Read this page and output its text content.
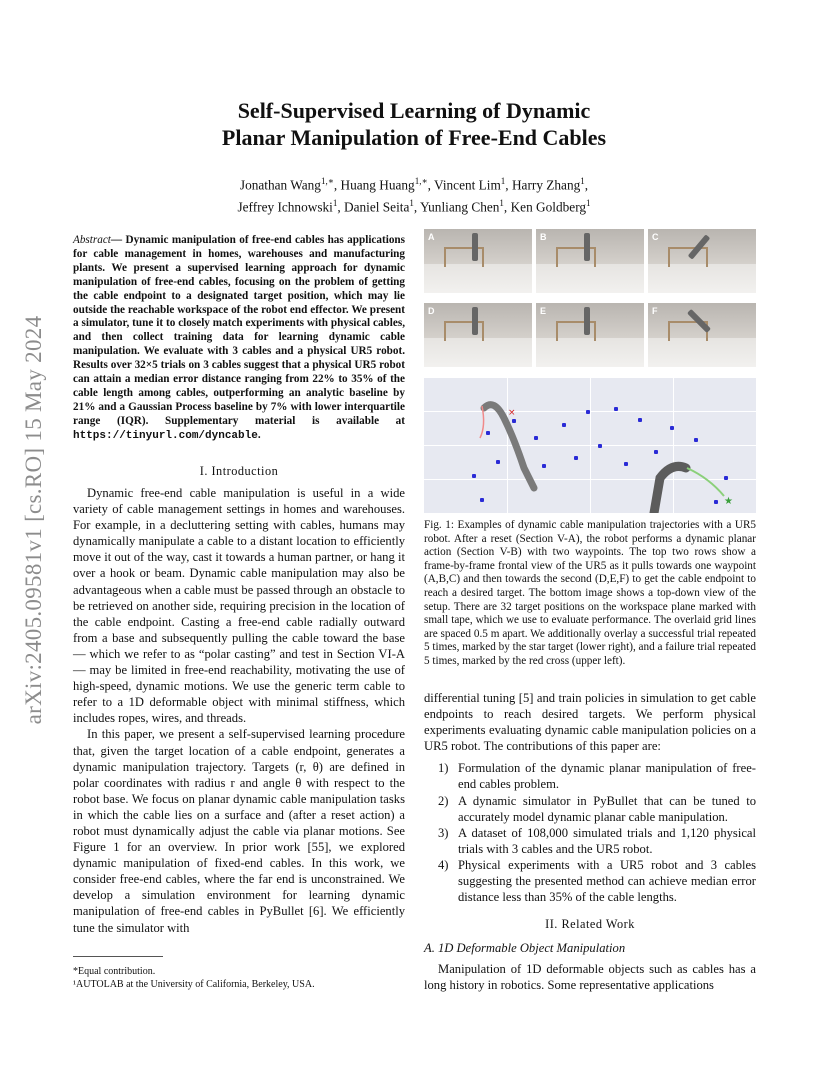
arXiv:2405.09581v1 [cs.RO] 15 May 2024
Self-Supervised Learning of Dynamic
Planar Manipulation of Free-End Cables
Jonathan Wang$^{1,∗}$, Huang Huang$^{1,∗}$, Vincent Lim$^1$, Harry Zhang$^1$,
Jeffrey Ichnowski$^1$, Daniel Seita$^1$, Yunliang Chen$^1$, Ken Goldberg$^1$
Abstract— Dynamic manipulation of free-end cables has applications for cable management in homes, warehouses and manufacturing plants. We present a supervised learning approach for dynamic manipulation of free-end cables, focusing on the problem of getting the cable endpoint to a designated target position, which may lie outside the reachable workspace of the robot end effector. We present a simulator, tune it to closely match experiments with physical cables, and then collect training data for learning dynamic cable manipulation. We evaluate with 3 cables and a physical UR5 robot. Results over 32×5 trials on 3 cables suggest that a physical UR5 robot can attain a median error distance ranging from 22% to 35% of the cable length among cables, outperforming an analytic baseline by 21% and a Gaussian Process baseline by 7% with lower interquartile range (IQR). Supplementary material is available at https://tinyurl.com/dyncable.
I. Introduction

Dynamic free-end cable manipulation is useful in a wide variety of cable management settings in homes and warehouses. For example, in a decluttering setting with cables, humans may dynamically manipulate a cable to a distant location to efficiently move it out of the way, cast it towards a human partner, or hang it over a hook or beam. Dynamic cable manipulation may also be advantageous when a cable must be passed through an obstacle to be retrieved on another side, requiring precision in the location of the cable endpoint. Casting a free-end cable radially outward from a base and subsequently pulling the cable toward the base — which we refer to as “polar casting” and test in Section VI-A — may be limited in free-end reachability, motivating the use of high-speed, dynamic motions. We use the generic term cable to refer to a 1D deformable object with minimal stiffness, which includes ropes, wires, and threads.

In this paper, we present a self-supervised learning procedure that, given the target location of a cable endpoint, generates a dynamic manipulation trajectory. Targets (r, θ) are defined in polar coordinates with radius r and angle θ with respect to the robot base. We focus on planar dynamic cable manipulation tasks in which the cable lies on a surface and (after a reset action) a robot must dynamically adjust the cable via planar motions. See Figure 1 for an overview. In prior work [55], we explored dynamic manipulation of fixed-end cables. In this work, we consider free-end cables, where the far end is unconstrained. We develop a simulation environment for learning dynamic manipulation of free-end cables in PyBullet [6]. We efficiently tune the simulator with

*Equal contribution.
¹AUTOLAB at the University of California, Berkeley, USA.
A	B	C
D	E	F
×
★
Fig. 1: Examples of dynamic cable manipulation trajectories with a UR5 robot. After a reset (Section V-A), the robot performs a dynamic planar action (Section V-B) with two waypoints. The top two rows show a frame-by-frame frontal view of the UR5 as it pulls towards one waypoint (A,B,C) and then towards the second (D,E,F) to get the cable endpoint to reach a desired target. The bottom image shows a top-down view of the setup. There are 32 target positions on the workspace plane marked with small tape, which we use to evaluate performance. The overlaid grid lines are spaced 0.5 m apart. We additionally overlay a successful trial repeated 5 times, marked by the star target (lower right), and a failure trial repeated 5 times, marked by the red cross (upper left).

differential tuning [5] and train policies in simulation to get cable endpoints to reach desired targets. We perform physical experiments evaluating dynamic cable manipulation policies on a UR5 robot. The contributions of this paper are:

1) Formulation of the dynamic planar manipulation of free-end cables problem.
2) A dynamic simulator in PyBullet that can be tuned to accurately model dynamic planar cable manipulation.
3) A dataset of 108,000 simulated trials and 1,120 physical trials with 3 cables and the UR5 robot.
4) Physical experiments with a UR5 robot and 3 cables suggesting the presented method can achieve median error distance less than 35% of the cable lengths.
II. Related Work
A. 1D Deformable Object Manipulation

Manipulation of 1D deformable objects such as cables has a long history in robotics. Some representative applications
